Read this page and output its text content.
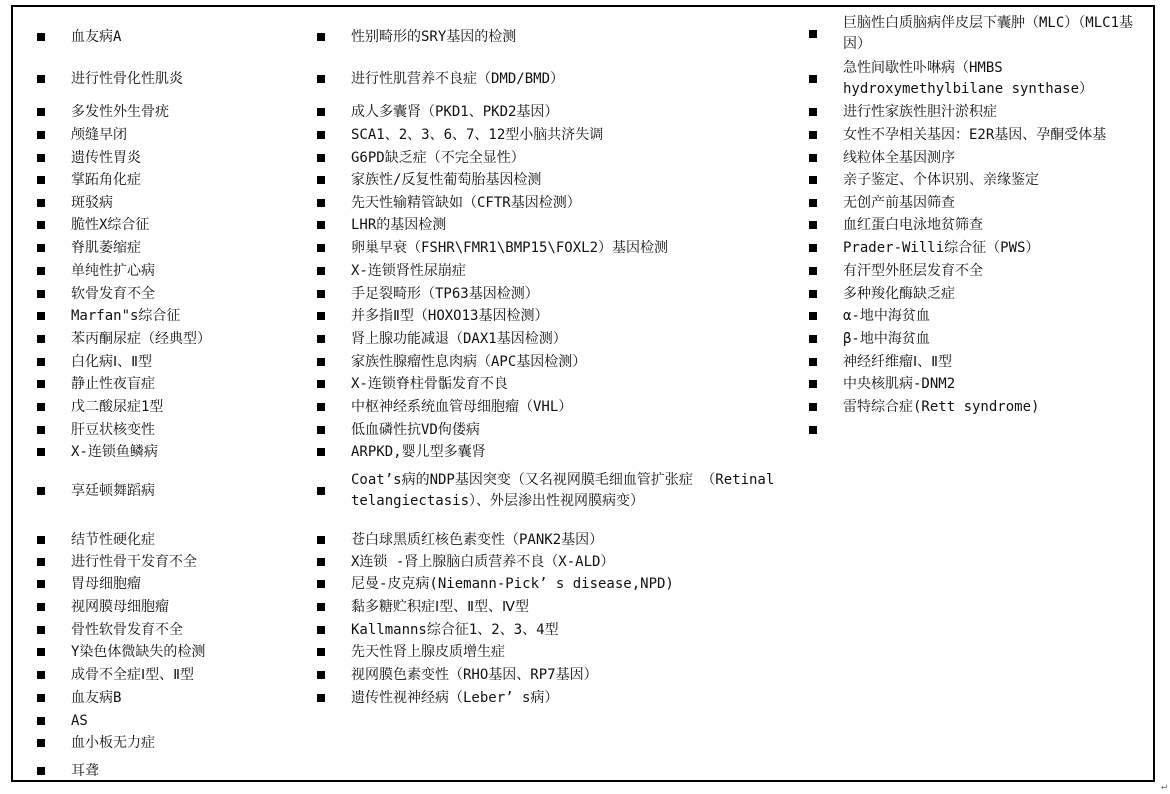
血友病A
进行性骨化性肌炎
多发性外生骨疣
颅缝早闭
遗传性胃炎
掌跖角化症
斑驳病
脆性X综合征
脊肌萎缩症
单纯性扩心病
软骨发育不全
Marfan"s综合征
苯丙酮尿症（经典型）
白化病Ⅰ、Ⅱ型
静止性夜盲症
戊二酸尿症1型
肝豆状核变性
X-连锁鱼鳞病
享廷顿舞蹈病
结节性硬化症
进行性骨干发育不全
胃母细胞瘤
视网膜母细胞瘤
骨性软骨发育不全
Y染色体微缺失的检测
成骨不全症Ⅰ型、Ⅱ型
血友病B
AS
血小板无力症
耳聋
性别畸形的SRY基因的检测
进行性肌营养不良症（DMD/BMD）
成人多囊肾（PKD1、PKD2基因）
SCA1、2、3、6、7、12型小脑共济失调
G6PD缺乏症（不完全显性）
家族性/反复性葡萄胎基因检测
先天性输精管缺如（CFTR基因检测）
LHR的基因检测
卵巢早衰（FSHR\FMR1\BMP15\FOXL2）基因检测
X-连锁肾性尿崩症
手足裂畸形（TP63基因检测）
并多指Ⅱ型（HOXO13基因检测）
肾上腺功能减退（DAX1基因检测）
家族性腺瘤性息肉病（APC基因检测）
X-连锁脊柱骨骺发育不良
中枢神经系统血管母细胞瘤（VHL）
低血磷性抗VD佝偻病
ARPKD,婴儿型多囊肾
Coat’s病的NDP基因突变（又名视网膜毛细血管扩张症 （Retinal telangiectasis）、外层渗出性视网膜病变）
苍白球黑质红核色素变性（PANK2基因）
X连锁 -肾上腺脑白质营养不良（X-ALD）
尼曼-皮克病(Niemann-Pick’ s disease,NPD)
黏多糖贮积症Ⅰ型、Ⅱ型、Ⅳ型
Kallmanns综合征1、2、3、4型
先天性肾上腺皮质增生症
视网膜色素变性（RHO基因、RP7基因）
遗传性视神经病（Leber’ s病）
巨脑性白质脑病伴皮层下囊肿（MLC）（MLC1基因）
急性间歇性卟啉病（HMBS hydroxymethylbilane synthase）
进行性家族性胆汁淤积症
女性不孕相关基因：E2R基因、孕酮受体基
线粒体全基因测序
亲子鉴定、个体识别、亲缘鉴定
无创产前基因筛查
血红蛋白电泳地贫筛查
Prader-Willi综合征（PWS）
有汗型外胚层发育不全
多种羧化酶缺乏症
α-地中海贫血
β-地中海贫血
神经纤维瘤Ⅰ、Ⅱ型
中央核肌病-DNM2
雷特综合症(Rett syndrome)
↵
